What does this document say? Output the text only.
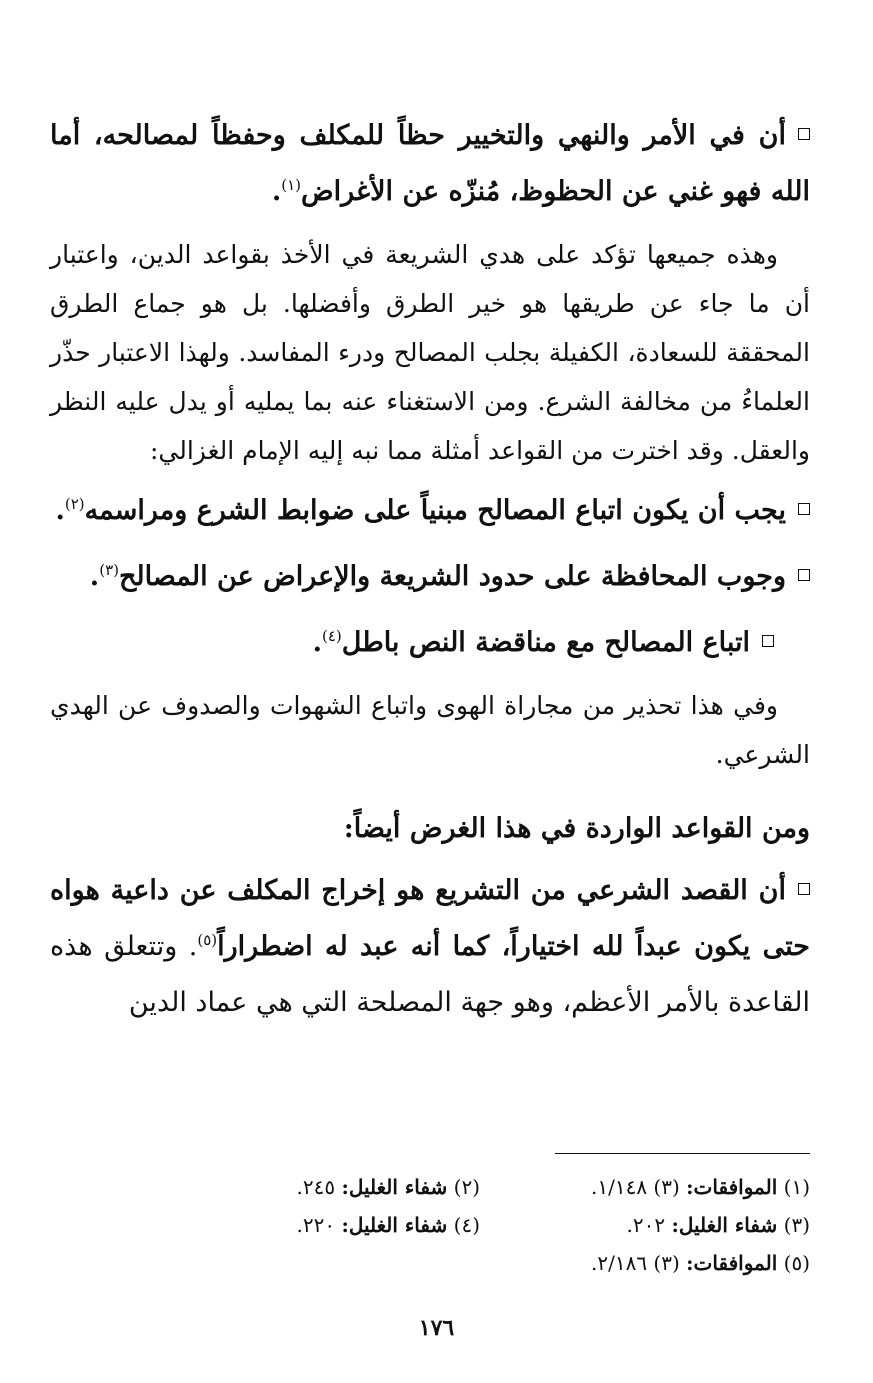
أن في الأمر والنهي والتخيير حظاً للمكلف وحفظاً لمصالحه، أما الله فهو غني عن الحظوظ، مُنزّه عن الأغراض$^{(١)}$.

وهذه جميعها تؤكد على هدي الشريعة في الأخذ بقواعد الدين، واعتبار أن ما جاء عن طريقها هو خير الطرق وأفضلها. بل هو جماع الطرق المحققة للسعادة، الكفيلة بجلب المصالح ودرء المفاسد. ولهذا الاعتبار حذّر العلماءُ من مخالفة الشرع. ومن الاستغناء عنه بما يمليه أو يدل عليه النظر والعقل. وقد اخترت من القواعد أمثلة مما نبه إليه الإمام الغزالي:

يجب أن يكون اتباع المصالح مبنياً على ضوابط الشرع ومراسمه$^{(٢)}$.

وجوب المحافظة على حدود الشريعة والإعراض عن المصالح$^{(٣)}$.

اتباع المصالح مع مناقضة النص باطل$^{(٤)}$.

وفي هذا تحذير من مجاراة الهوى واتباع الشهوات والصدوف عن الهدي الشرعي.

ومن القواعد الواردة في هذا الغرض أيضاً:

أن القصد الشرعي من التشريع هو إخراج المكلف عن داعية هواه حتى يكون عبداً لله اختياراً، كما أنه عبد له اضطراراً$^{(٥)}$. وتتعلق هذه القاعدة بالأمر الأعظم، وهو جهة المصلحة التي هي عماد الدين

(١) الموافقات: (٣) ١/١٤٨.
(٢) شفاء الغليل: ٢٤٥.
(٣) شفاء الغليل: ٢٠٢.
(٤) شفاء الغليل: ٢٢٠.
(٥) الموافقات: (٣) ٢/١٨٦.
١٧٦
